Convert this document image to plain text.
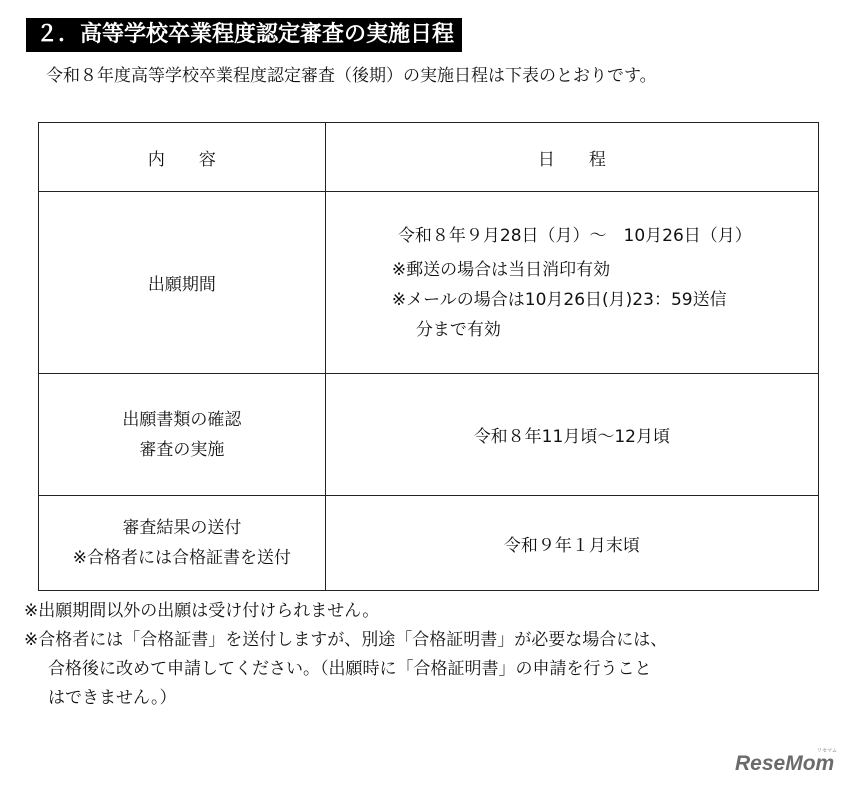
２．高等学校卒業程度認定審査の実施日程
令和８年度高等学校卒業程度認定審査（後期）の実施日程は下表のとおりです。
内　　容	日　　程

出願期間	令和８年９月28日（月）～　10月26日（月）
※郵送の場合は当日消印有効
※メールの場合は10月26日(月)23：59送信
分まで有効

出願書類の確認
審査の実施	令和８年11月頃～12月頃

審査結果の送付
※合格者には合格証書を送付	令和９年１月末頃
※出願期間以外の出願は受け付けられません。
※合格者には「合格証書」を送付しますが、別途「合格証明書」が必要な場合には、
合格後に改めて申請してください。（出願時に「合格証明書」の申請を行うこと
はできません。）
ReseMom
リセマム
